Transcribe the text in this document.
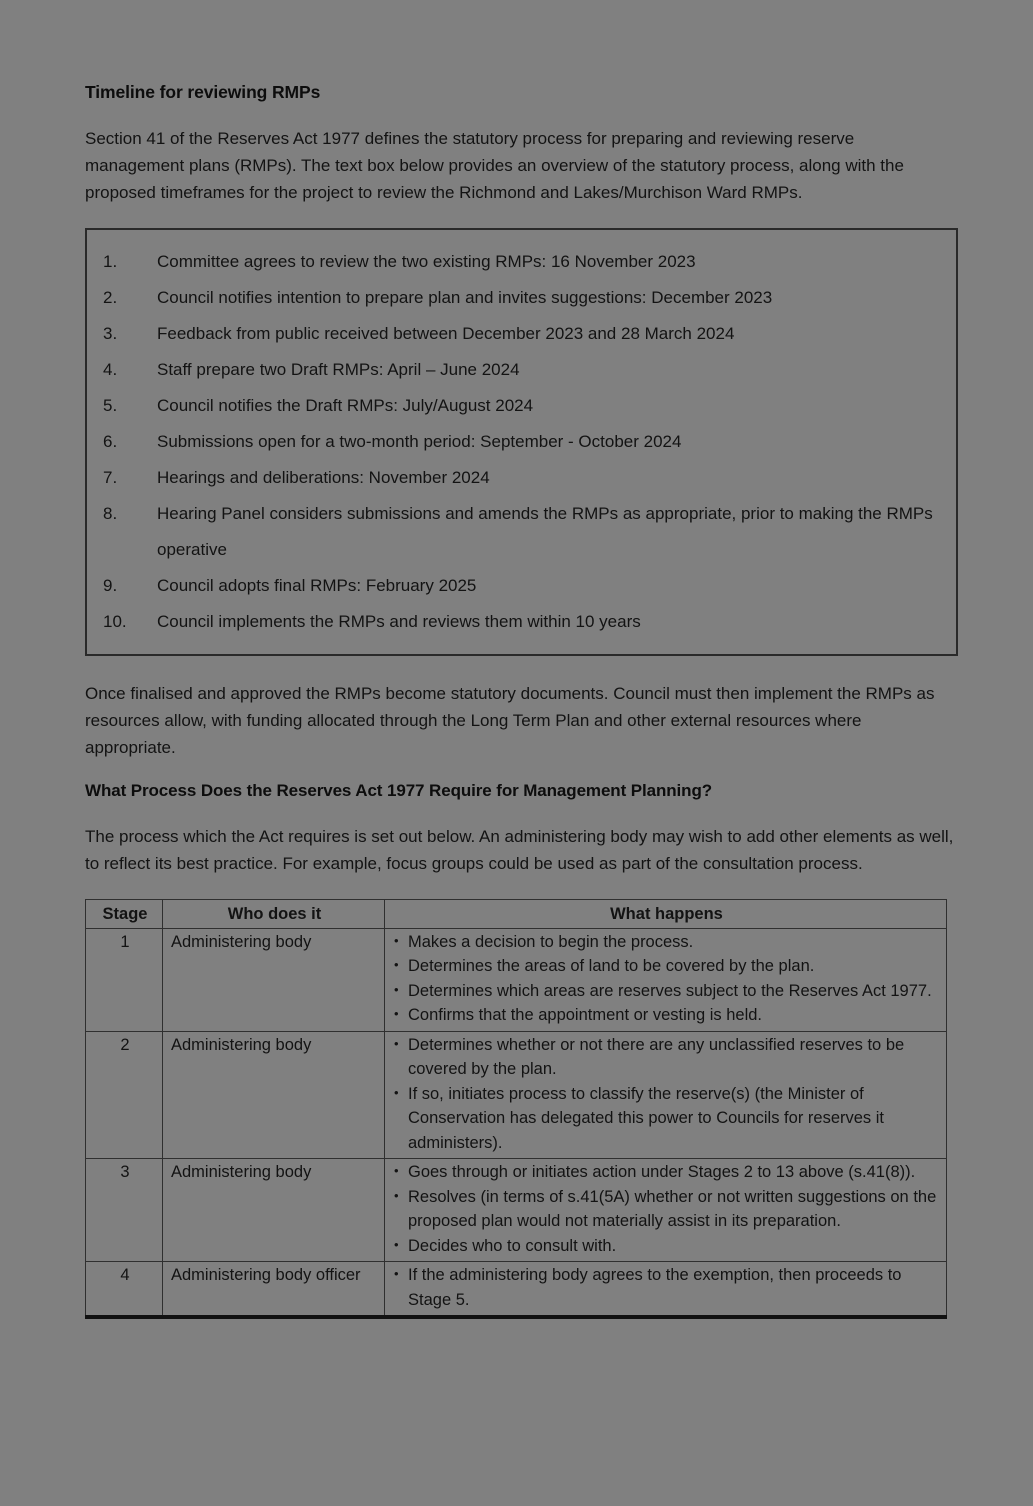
Timeline for reviewing RMPs

Section 41 of the Reserves Act 1977 defines the statutory process for preparing and reviewing reserve management plans (RMPs). The text box below provides an overview of the statutory process, along with the proposed timeframes for the project to review the Richmond and Lakes/Murchison Ward RMPs.

1.	Committee agrees to review the two existing RMPs: 16 November 2023
2.	Council notifies intention to prepare plan and invites suggestions: December 2023
3.	Feedback from public received between December 2023 and 28 March 2024
4.	Staff prepare two Draft RMPs: April – June 2024
5.	Council notifies the Draft RMPs: July/August 2024
6.	Submissions open for a two-month period: September - October 2024
7.	Hearings and deliberations: November 2024
8.	Hearing Panel considers submissions and amends the RMPs as appropriate, prior to making the RMPs operative
9.	Council adopts final RMPs: February 2025
10.	Council implements the RMPs and reviews them within 10 years

Once finalised and approved the RMPs become statutory documents. Council must then implement the RMPs as resources allow, with funding allocated through the Long Term Plan and other external resources where appropriate.

What Process Does the Reserves Act 1977 Require for Management Planning?

The process which the Act requires is set out below. An administering body may wish to add other elements as well, to reflect its best practice. For example, focus groups could be used as part of the consultation process.

Stage	Who does it	What happens
1	Administering body	
•Makes a decision to begin the process.
• Determines the areas of land to be covered by the plan.
• Determines which areas are reserves subject to the Reserves Act 1977.
• Confirms that the appointment or vesting is held.

2	Administering body	
•Determines whether or not there are any unclassified reserves to be covered by the plan.
• If so, initiates process to classify the reserve(s) (the Minister of Conservation has delegated this power to Councils for reserves it administers).

3	Administering body	
•Goes through or initiates action under Stages 2 to 13 above (s.41(8)).
• Resolves (in terms of s.41(5A) whether or not written suggestions on the proposed plan would not materially assist in its preparation.
• Decides who to consult with.

4	Administering body officer	
•If the administering body agrees to the exemption, then proceeds to Stage 5.
